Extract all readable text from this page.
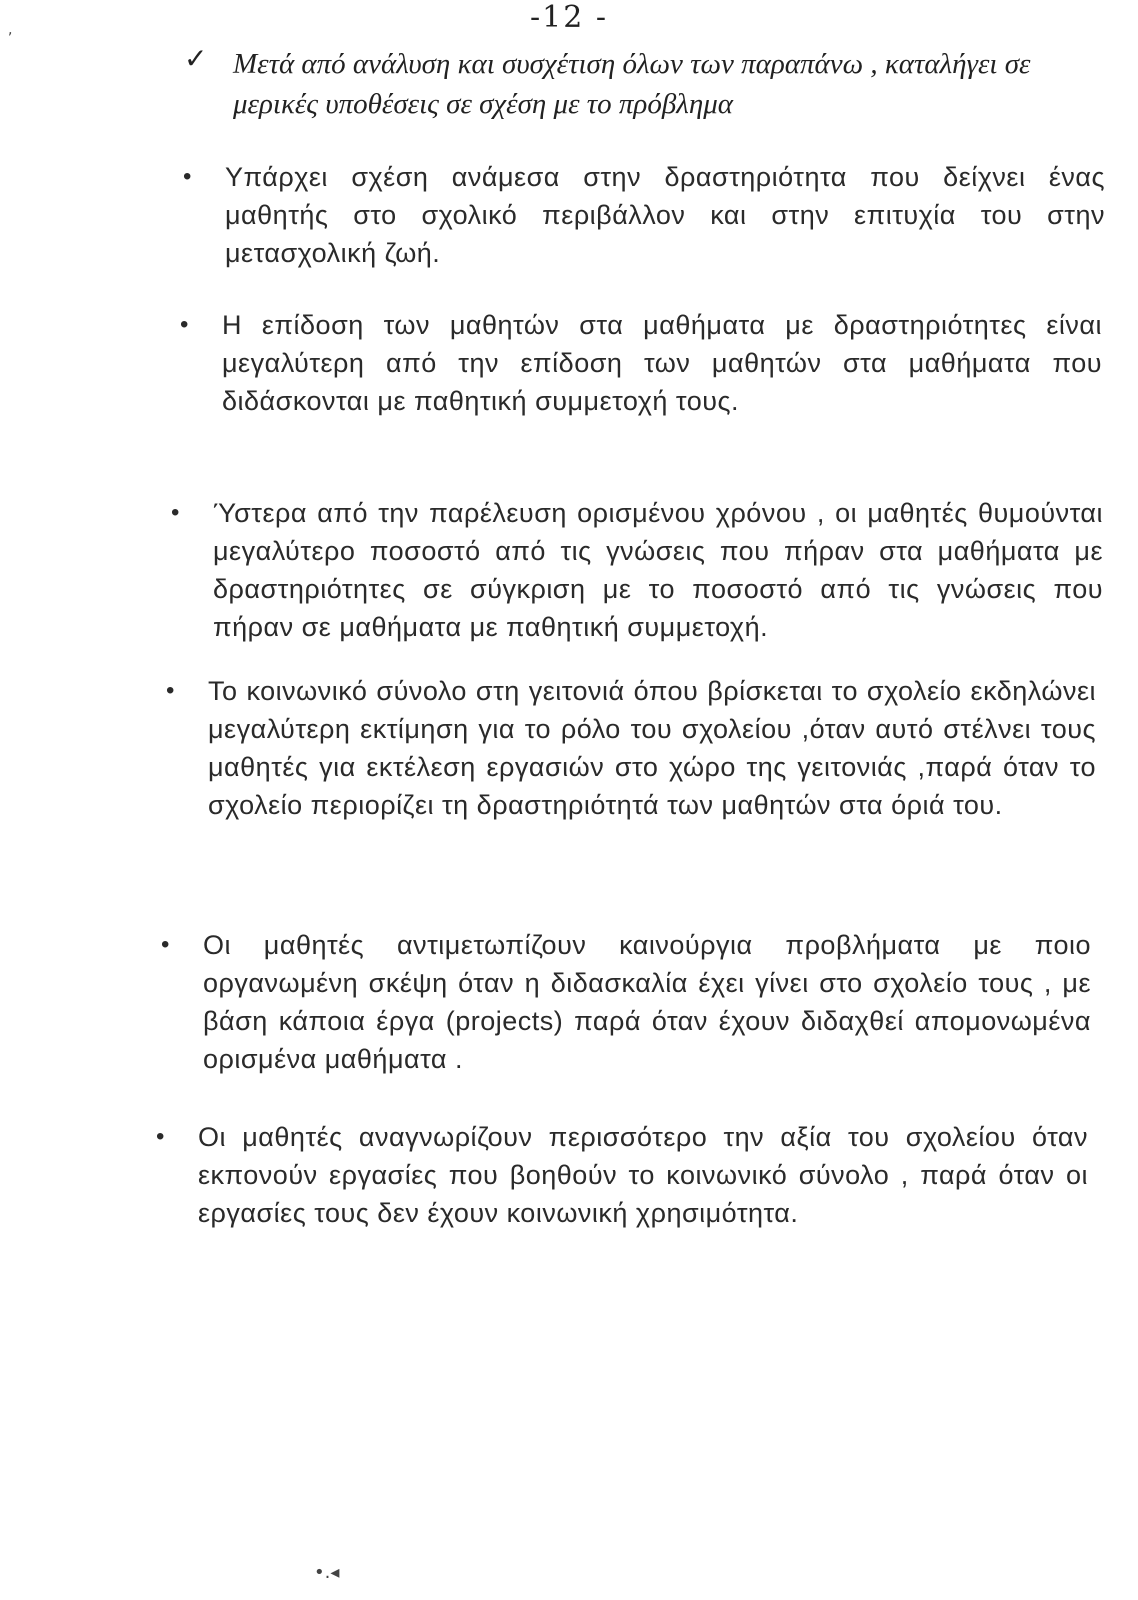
-12 -
✓ Μετά από ανάλυση και συσχέτιση όλων των παραπάνω , καταλήγει σε μερικές υποθέσεις σε σχέση με το πρόβλημα
• Υπάρχει σχέση ανάμεσα στην δραστηριότητα που δείχνει ένας μαθητής στο σχολικό περιβάλλον και στην επιτυχία του στην μετασχολική ζωή.
• Η επίδοση των μαθητών στα μαθήματα με δραστηριότητες είναι μεγαλύτερη από την επίδοση των μαθητών στα μαθήματα που διδάσκονται με παθητική συμμετοχή τους.
• Ύστερα από την παρέλευση ορισμένου χρόνου , οι μαθητές θυμούνται μεγαλύτερο ποσοστό από τις γνώσεις που πήραν στα μαθήματα με δραστηριότητες σε σύγκριση με το ποσοστό από τις γνώσεις που πήραν σε μαθήματα με παθητική συμμετοχή.
• Το κοινωνικό σύνολο στη γειτονιά όπου βρίσκεται το σχολείο εκδηλώνει μεγαλύτερη εκτίμηση για το ρόλο του σχολείου ,όταν αυτό στέλνει τους μαθητές για εκτέλεση εργασιών στο χώρο της γειτονιάς ,παρά όταν το σχολείο περιορίζει τη δραστηριότητά των μαθητών στα όριά του.
• Οι μαθητές αντιμετωπίζουν καινούργια προβλήματα με ποιο οργανωμένη σκέψη όταν η διδασκαλία έχει γίνει στο σχολείο τους , με βάση κάποια έργα (projects) παρά όταν έχουν διδαχθεί απομονωμένα ορισμένα μαθήματα .
• Οι μαθητές αναγνωρίζουν περισσότερο την αξία του σχολείου όταν εκπονούν εργασίες που βοηθούν το κοινωνικό σύνολο , παρά όταν οι εργασίες τους δεν έχουν κοινωνική χρησιμότητα.
,
•.◂
